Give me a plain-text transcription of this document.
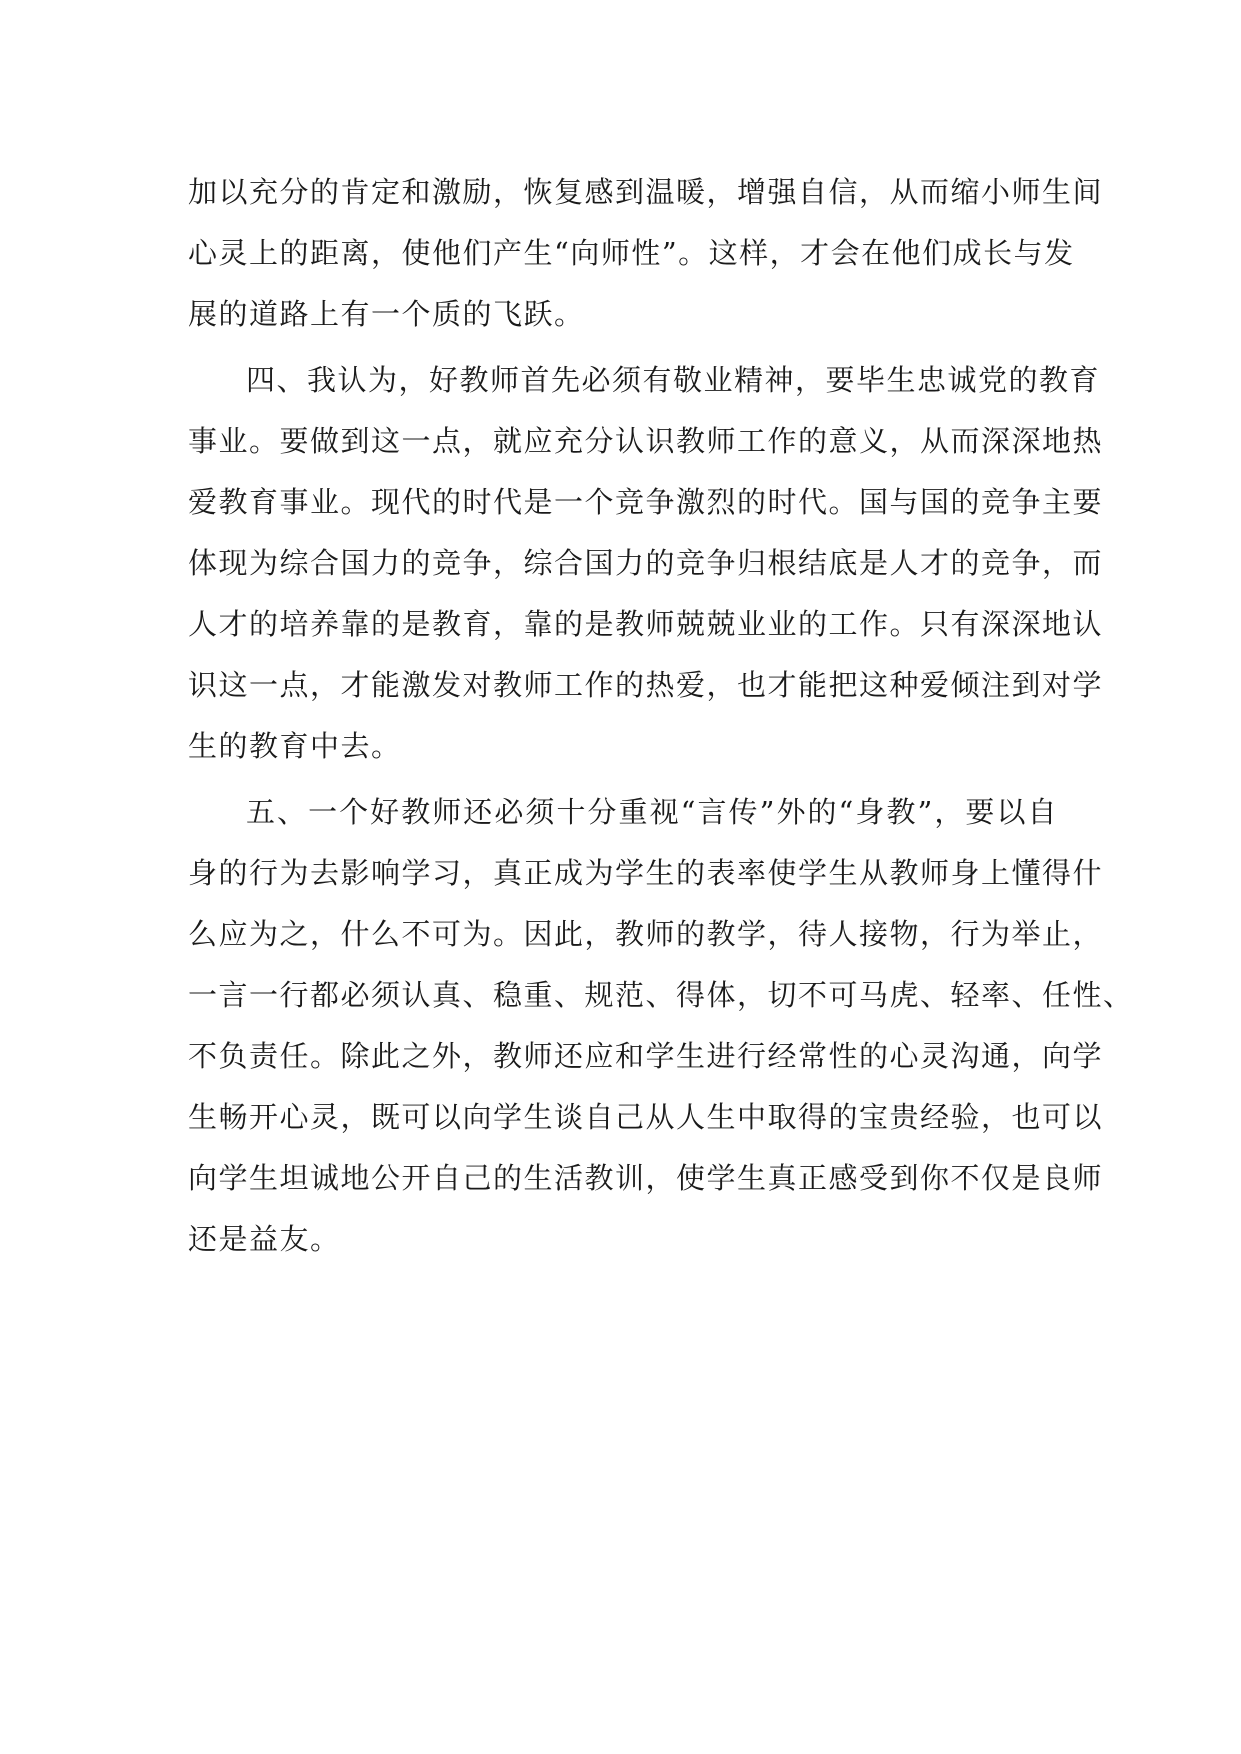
加以充分的肯定和激励，恢复感到温暖，增强自信，从而缩小师生间
心灵上的距离，使他们产生“向师性”。这样，才会在他们成长与发
展的道路上有一个质的飞跃。
四、我认为，好教师首先必须有敬业精神，要毕生忠诚党的教育
事业。要做到这一点，就应充分认识教师工作的意义，从而深深地热
爱教育事业。现代的时代是一个竞争激烈的时代。国与国的竞争主要
体现为综合国力的竞争，综合国力的竞争归根结底是人才的竞争，而
人才的培养靠的是教育，靠的是教师兢兢业业的工作。只有深深地认
识这一点，才能激发对教师工作的热爱，也才能把这种爱倾注到对学
生的教育中去。
五、一个好教师还必须十分重视“言传”外的“身教”，要以自
身的行为去影响学习，真正成为学生的表率使学生从教师身上懂得什
么应为之，什么不可为。因此，教师的教学，待人接物，行为举止，
一言一行都必须认真、稳重、规范、得体，切不可马虎、轻率、任性、
不负责任。除此之外，教师还应和学生进行经常性的心灵沟通，向学
生畅开心灵，既可以向学生谈自己从人生中取得的宝贵经验，也可以
向学生坦诚地公开自己的生活教训，使学生真正感受到你不仅是良师
还是益友。
